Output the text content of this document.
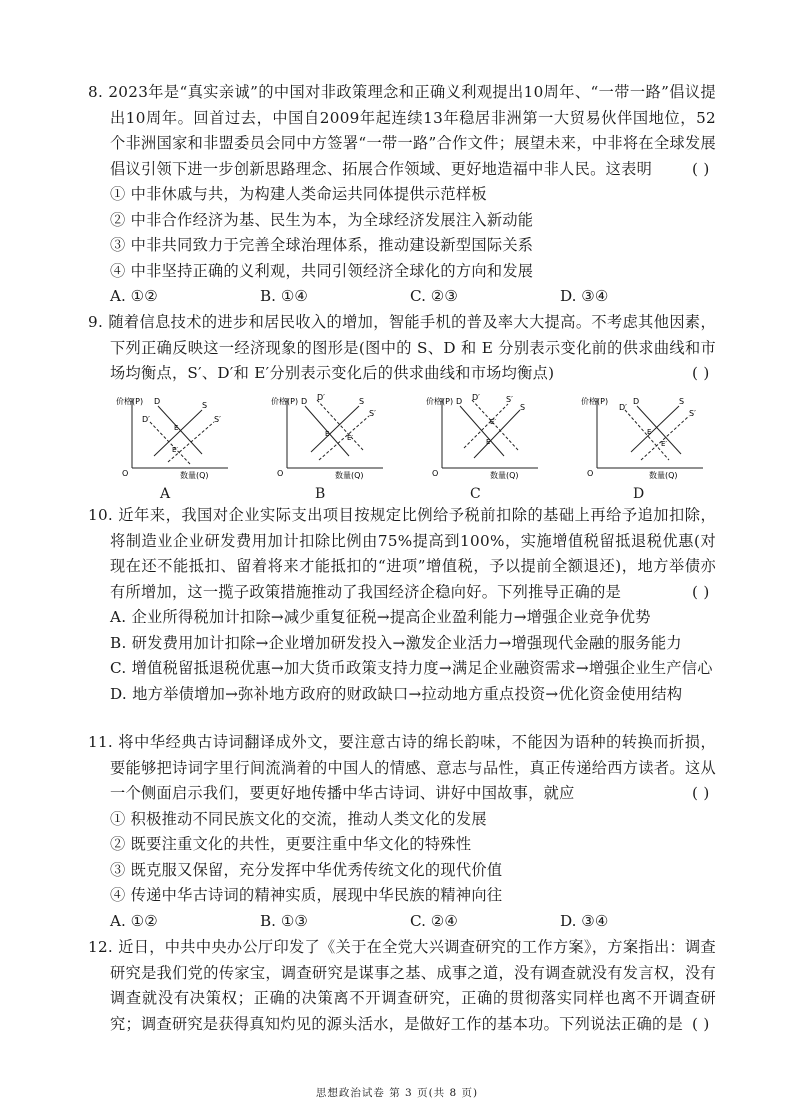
8. 2023年是“真实亲诚”的中国对非政策理念和正确义利观提出10周年、“一带一路”倡议提出10周年。回首过去，中国自2009年起连续13年稳居非洲第一大贸易伙伴国地位，52个非洲国家和非盟委员会同中方签署“一带一路”合作文件；展望未来，中非将在全球发展倡议引领下进一步创新思路理念、拓展合作领域、更好地造福中非人民。这表明	( )

① 中非休戚与共，为构建人类命运共同体提供示范样板

② 中非合作经济为基、民生为本，为全球经济发展注入新动能

③ 中非共同致力于完善全球治理体系，推动建设新型国际关系

④ 中非坚持正确的义利观，共同引领经济全球化的方向和发展

A. ①②	B. ①④	C. ②③	D. ③④

9. 随着信息技术的进步和居民收入的增加，智能手机的普及率大大提高。不考虑其他因素，下列正确反映这一经济现象的图形是(图中的 S、D 和 E 分别表示变化前的供求曲线和市场均衡点，S′、D′和 E′分别表示变化后的供求曲线和市场均衡点)	( )

价格(P)
数量(Q)
O
D
D′
S
S′
E
E′
A
价格(P)
数量(Q)
O
D D′	S
S′
E	E′
B
价格(P)
数量(Q)
O
D D′
S
S′
E
E′
C
价格(P)
数量(Q)
O
D
D′
S
S′
E
E′
D

10. 近年来，我国对企业实际支出项目按规定比例给予税前扣除的基础上再给予追加扣除，将制造业企业研发费用加计扣除比例由75%提高到100%，实施增值税留抵退税优惠(对现在还不能抵扣、留着将来才能抵扣的“进项”增值税，予以提前全额退还)，地方举债亦有所增加，这一揽子政策措施推动了我国经济企稳向好。下列推导正确的是	( )

A. 企业所得税加计扣除→减少重复征税→提高企业盈利能力→增强企业竞争优势

B. 研发费用加计扣除→企业增加研发投入→激发企业活力→增强现代金融的服务能力

C. 增值税留抵退税优惠→加大货币政策支持力度→满足企业融资需求→增强企业生产信心

D. 地方举债增加→弥补地方政府的财政缺口→拉动地方重点投资→优化资金使用结构

11. 将中华经典古诗词翻译成外文，要注意古诗的绵长韵味，不能因为语种的转换而折损，要能够把诗词字里行间流淌着的中国人的情感、意志与品性，真正传递给西方读者。这从一个侧面启示我们，要更好地传播中华古诗词、讲好中国故事，就应	( )

① 积极推动不同民族文化的交流，推动人类文化的发展

② 既要注重文化的共性，更要注重中华文化的特殊性

③ 既克服又保留，充分发挥中华优秀传统文化的现代价值

④ 传递中华古诗词的精神实质，展现中华民族的精神向往

A. ①②	B. ①③	C. ②④	D. ③④

12. 近日，中共中央办公厅印发了《关于在全党大兴调查研究的工作方案》，方案指出：调查研究是我们党的传家宝，调查研究是谋事之基、成事之道，没有调查就没有发言权，没有调查就没有决策权；正确的决策离不开调查研究，正确的贯彻落实同样也离不开调查研究；调查研究是获得真知灼见的源头活水，是做好工作的基本功。下列说法正确的是 ( )

思想政治试卷 第 3 页(共 8 页)
